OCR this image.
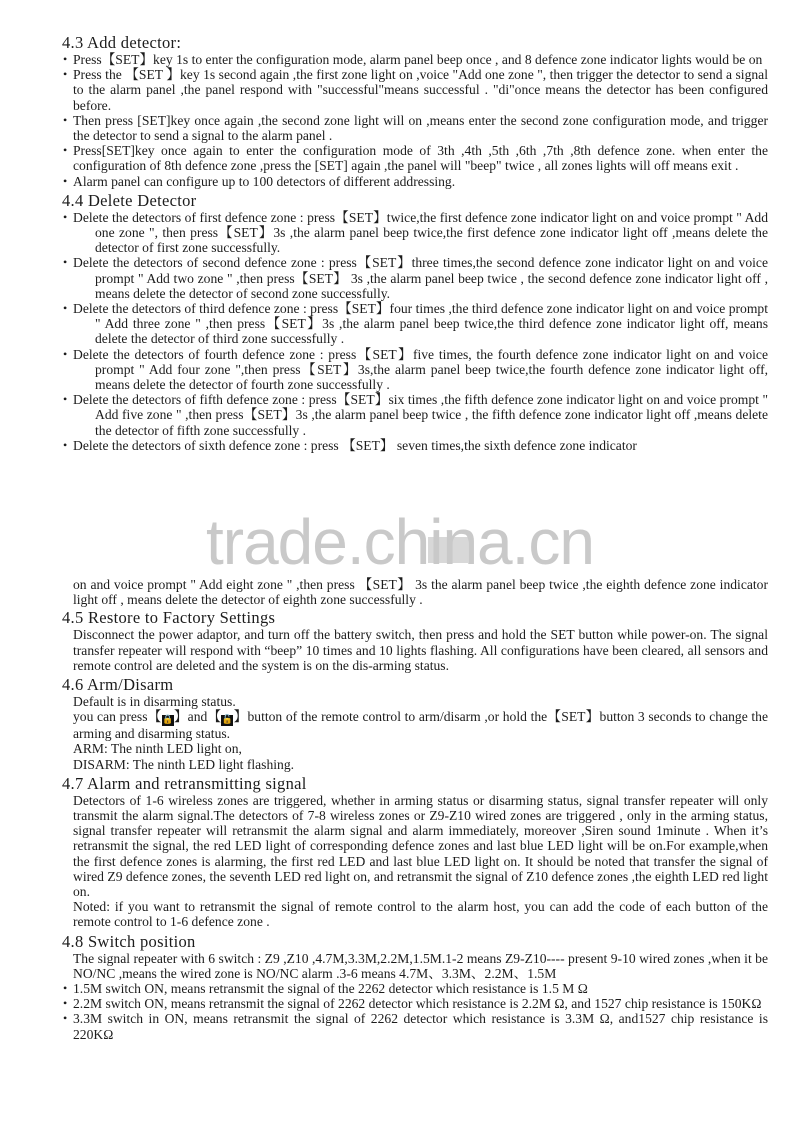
4.3 Add detector:
• Press【SET】key 1s to enter the configuration mode, alarm panel beep once , and 8 defence zone indicator lights would be on
• Press the 【SET 】key 1s second again ,the first zone light on ,voice "Add one zone ", then trigger the detector to send a signal to the alarm panel ,the panel respond with "successful"means successful . "di"once means the detector has been configured before.
• Then press [SET]key once again ,the second zone light will on ,means enter the second zone configuration mode, and trigger the detector to send a signal to the alarm panel .
• Press[SET]key once again to enter the configuration mode of 3th ,4th ,5th ,6th ,7th ,8th defence zone. when enter the configuration of 8th defence zone ,press the [SET] again ,the panel will "beep" twice , all zones lights will off means exit .
• Alarm panel can configure up to 100 detectors of different addressing.
4.4 Delete Detector
• Delete the detectors of first defence zone : press【SET】twice,the first defence zone indicator light on and voice prompt " Add one zone ", then press【SET】3s ,the alarm panel beep twice,the first defence zone indicator light off ,means delete the detector of first zone successfully.
• Delete the detectors of second defence zone : press【SET】three times,the second defence zone indicator light on and voice prompt " Add two zone " ,then press【SET】 3s ,the alarm panel beep twice , the second defence zone indicator light off , means delete the detector of second zone successfully.
• Delete the detectors of third defence zone : press【SET】four times ,the third defence zone indicator light on and voice prompt " Add three zone " ,then press【SET】3s ,the alarm panel beep twice,the third defence zone indicator light off, means delete the detector of third zone successfully .
• Delete the detectors of fourth defence zone : press【SET】five times, the fourth defence zone indicator light on and voice prompt " Add four zone ",then press【SET】3s,the alarm panel beep twice,the fourth defence zone indicator light off, means delete the detector of fourth zone successfully .
• Delete the detectors of fifth defence zone : press【SET】six times ,the fifth defence zone indicator light on and voice prompt " Add five zone " ,then press【SET】3s ,the alarm panel beep twice , the fifth defence zone indicator light off ,means delete the detector of fifth zone successfully .
• Delete the detectors of sixth defence zone : press 【SET】 seven times,the sixth defence zone indicator
trade.china.cn

on and voice prompt " Add eight zone " ,then press 【SET】 3s the alarm panel beep twice ,the eighth defence zone indicator light off , means delete the detector of eighth zone successfully .

4.5 Restore to Factory Settings

Disconnect the power adaptor, and turn off the battery switch, then press and hold the SET button while power-on. The signal transfer repeater will respond with “beep” 10 times and 10 lights flashing. All configurations have been cleared, all sensors and remote control are deleted and the system is on the dis-arming status.

4.6 Arm/Disarm

Default is in disarming status.

you can press【🔒】and【🔓】button of the remote control to arm/disarm ,or hold the【SET】button 3 seconds to change the arming and disarming status.

ARM: The ninth LED light on,

DISARM: The ninth LED light flashing.

4.7 Alarm and retransmitting signal

Detectors of 1-6 wireless zones are triggered, whether in arming status or disarming status, signal transfer repeater will only transmit the alarm signal.The detectors of 7-8 wireless zones or Z9-Z10 wired zones are triggered , only in the arming status, signal transfer repeater will retransmit the alarm signal and alarm immediately, moreover ,Siren sound 1minute . When it’s retransmit the signal, the red LED light of corresponding defence zones and last blue LED light will be on.For example,when the first defence zones is alarming, the first red LED and last blue LED light on. It should be noted that transfer the signal of wired Z9 defence zones, the seventh LED red light on, and retransmit the signal of Z10 defence zones ,the eighth LED red light on.

Noted: if you want to retransmit the signal of remote control to the alarm host, you can add the code of each button of the remote control to 1-6 defence zone .

4.8 Switch position

The signal repeater with 6 switch : Z9 ,Z10 ,4.7M,3.3M,2.2M,1.5M.1-2 means Z9-Z10---- present 9-10 wired zones ,when it be NO/NC ,means the wired zone is NO/NC alarm .3-6 means 4.7M、3.3M、2.2M、1.5M

• 1.5M switch ON, means retransmit the signal of the 2262 detector which resistance is 1.5 M Ω
• 2.2M switch ON, means retransmit the signal of 2262 detector which resistance is 2.2M Ω, and 1527 chip resistance is 150KΩ
• 3.3M switch in ON, means retransmit the signal of 2262 detector which resistance is 3.3M Ω, and1527 chip resistance is 220KΩ
